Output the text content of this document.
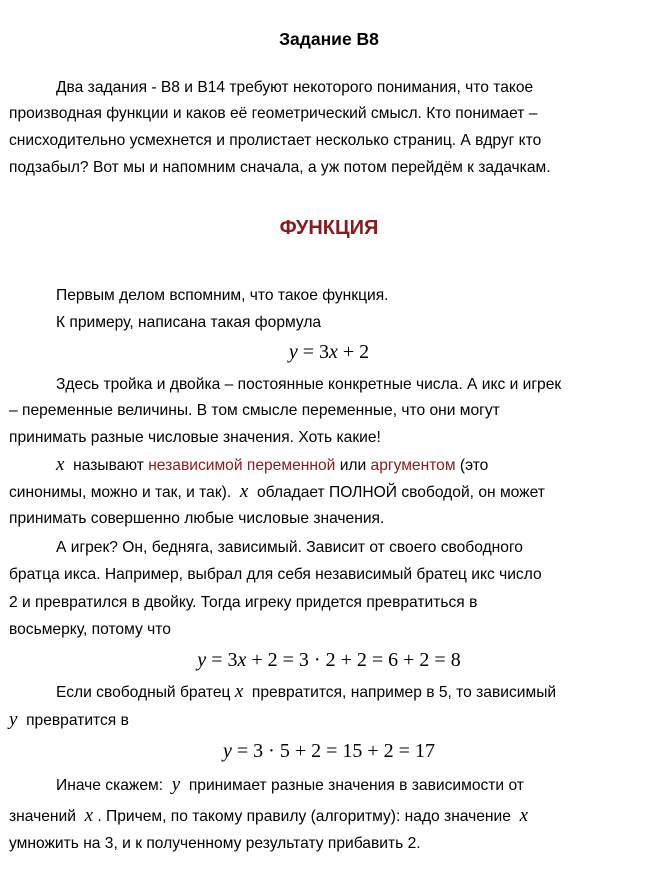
Задание B8
Два задания - B8 и B14 требуют некоторого понимания, что такое
производная функции и каков её геометрический смысл. Кто понимает –
снисходительно усмехнется и пролистает несколько страниц. А вдруг кто
подзабыл? Вот мы и напомним сначала, а уж потом перейдём к задачкам.
ФУНКЦИЯ
Первым делом вспомним, что такое функция.
К примеру, написана такая формула
y = 3x + 2
Здесь тройка и двойка – постоянные конкретные числа. А икс и игрек
– переменные величины. В том смысле переменные, что они могут
принимать разные числовые значения. Хоть какие!
x  называют независимой переменной или аргументом (это
синонимы, можно и так, и так).  x  обладает ПОЛНОЙ свободой, он может
принимать совершенно любые числовые значения.
А игрек? Он, бедняга, зависимый. Зависит от своего свободного
братца икса. Например, выбрал для себя независимый братец икс число
2 и превратился в двойку. Тогда игреку придется превратиться в
восьмерку, потому что
y = 3x + 2 = 3 · 2 + 2 = 6 + 2 = 8
Если свободный братец x  превратится, например в 5, то зависимый
y  превратится в
y = 3 · 5 + 2 = 15 + 2 = 17
Иначе скажем:  y  принимает разные значения в зависимости от
значений  x . Причем, по такому правилу (алгоритму): надо значение  x
умножить на 3, и к полученному результату прибавить 2.
